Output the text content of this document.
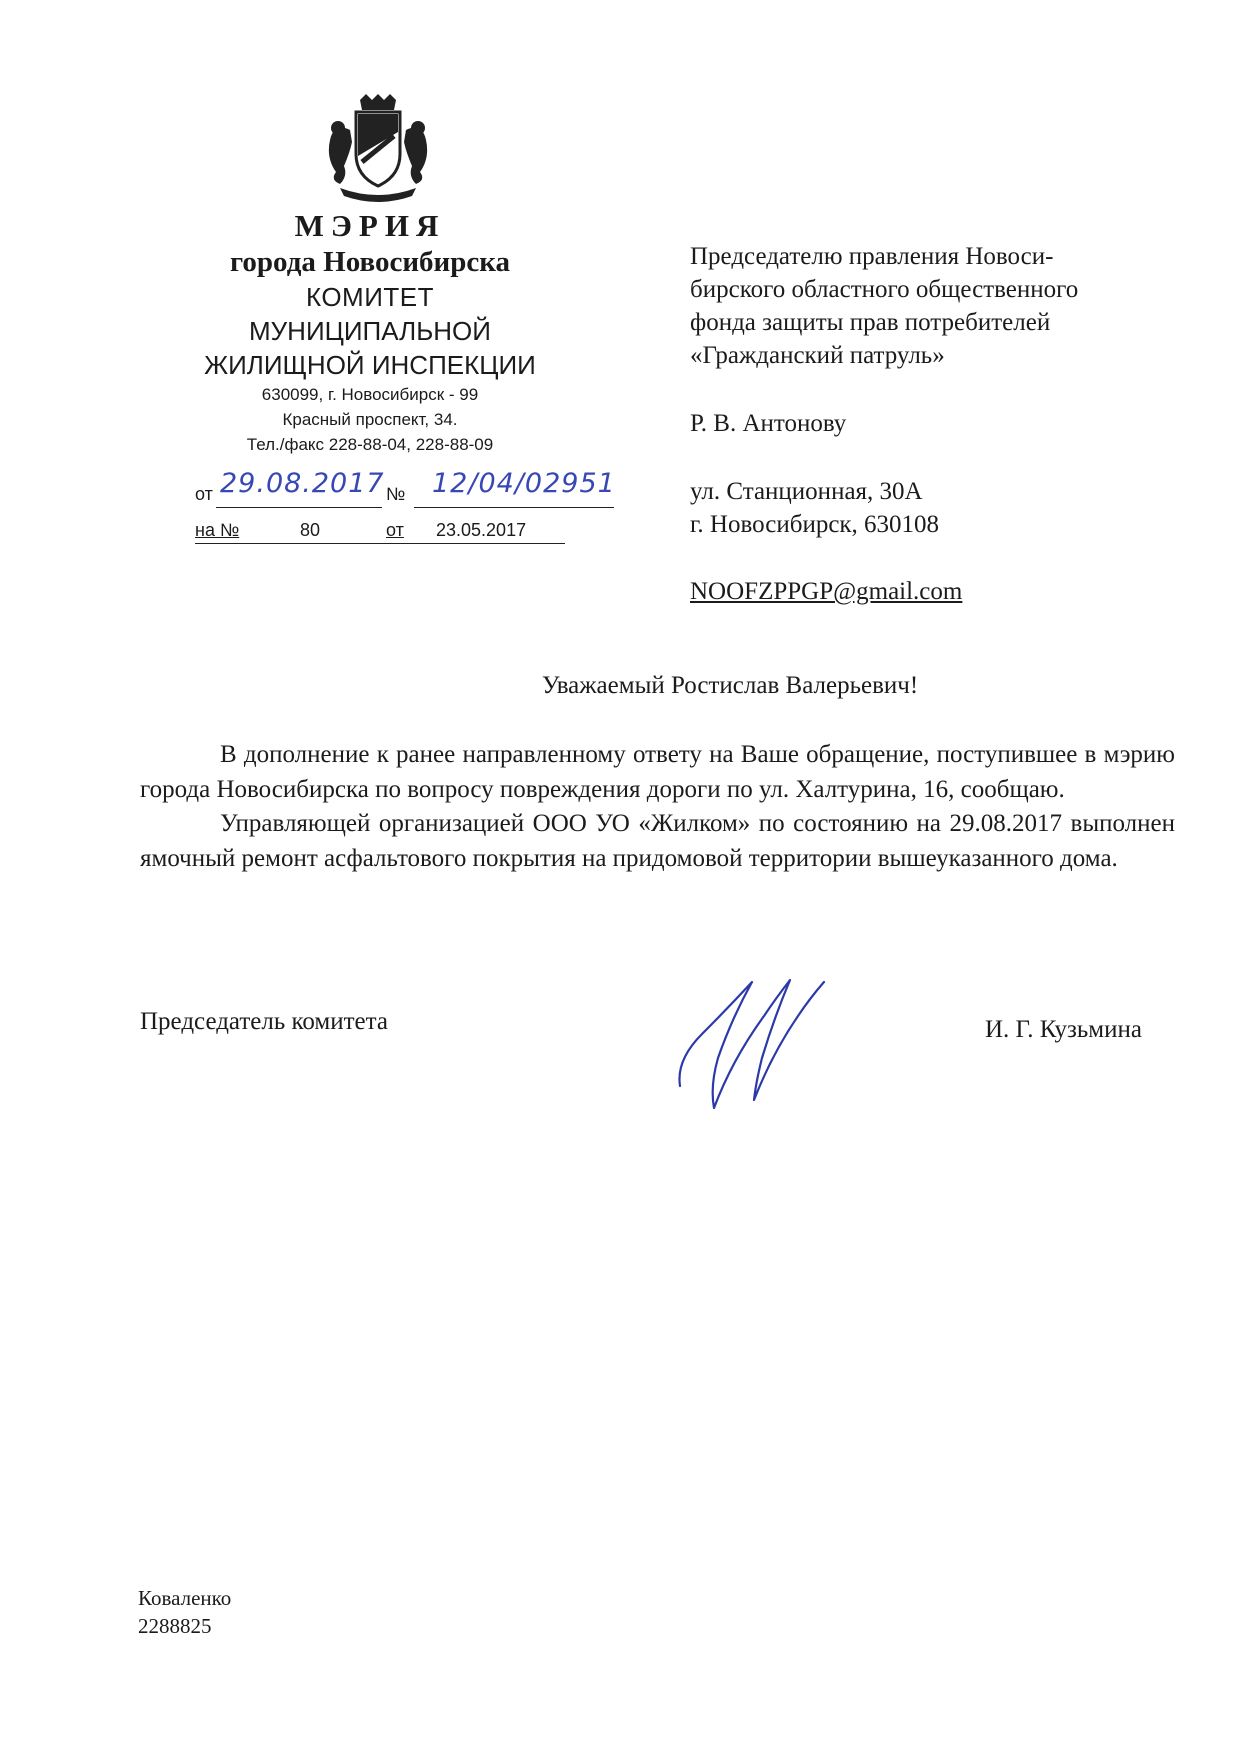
МЭРИЯ
города Новосибирска
КОМИТЕТ
МУНИЦИПАЛЬНОЙ
ЖИЛИЩНОЙ ИНСПЕКЦИИ
630099, г. Новосибирск - 99
Красный проспект, 34.
Тел./факс 228-88-04, 228-88-09
от 29.08.2017 № 12/04/02951
на №	80	от 23.05.2017
Председателю правления Новоси-
бирского областного общественного
фонда защиты прав потребителей
«Гражданский патруль»
Р. В. Антонову
ул. Станционная, 30А
г. Новосибирск, 630108
NOOFZPPGP@gmail.com
Уважаемый Ростислав Валерьевич!

В дополнение к ранее направленному ответу на Ваше обращение, поступившее в мэрию города Новосибирска по вопросу повреждения дороги по ул. Халтурина, 16, сообщаю.

Управляющей организацией ООО УО «Жилком» по состоянию на 29.08.2017 выполнен ямочный ремонт асфальтового покрытия на придомовой территории вышеуказанного дома.

Председатель комитета	И. Г. Кузьмина
Коваленко
2288825
